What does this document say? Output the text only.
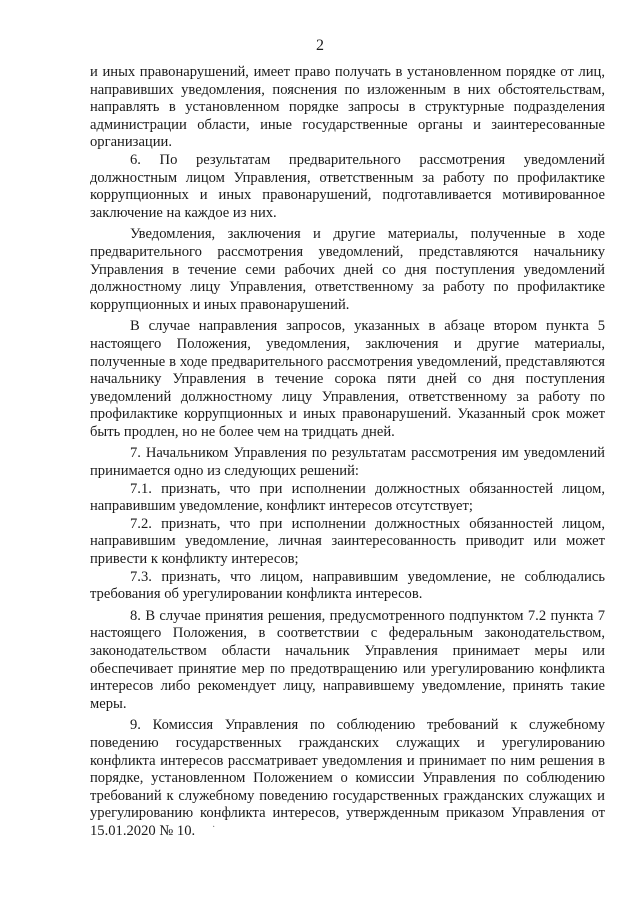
2

и иных правонарушений, имеет право получать в установленном порядке от лиц, направивших уведомления, пояснения по изложенным в них обстоятельствам, направлять в установленном порядке запросы в структурные подразделения администрации области, иные государственные органы и заинтересованные организации.

6. По результатам предварительного рассмотрения уведомлений должностным лицом Управления, ответственным за работу по профилактике коррупционных и иных правонарушений, подготавливается мотивированное заключение на каждое из них.

Уведомления, заключения и другие материалы, полученные в ходе предварительного рассмотрения уведомлений, представляются начальнику Управления в течение семи рабочих дней со дня поступления уведомлений должностному лицу Управления, ответственному за работу по профилактике коррупционных и иных правонарушений.

В случае направления запросов, указанных в абзаце втором пункта 5 настоящего Положения, уведомления, заключения и другие материалы, полученные в ходе предварительного рассмотрения уведомлений, представляются начальнику Управления в течение сорока пяти дней со дня поступления уведомлений должностному лицу Управления, ответственному за работу по профилактике коррупционных и иных правонарушений. Указанный срок может быть продлен, но не более чем на тридцать дней.

7. Начальником Управления по результатам рассмотрения им уведомлений принимается одно из следующих решений:

7.1. признать, что при исполнении должностных обязанностей лицом, направившим уведомление, конфликт интересов отсутствует;

7.2. признать, что при исполнении должностных обязанностей лицом, направившим уведомление, личная заинтересованность приводит или может привести к конфликту интересов;

7.3. признать, что лицом, направившим уведомление, не соблюдались требования об урегулировании конфликта интересов.

8. В случае принятия решения, предусмотренного подпунктом 7.2 пункта 7 настоящего Положения, в соответствии с федеральным законодательством, законодательством области начальник Управления принимает меры или обеспечивает принятие мер по предотвращению или урегулированию конфликта интересов либо рекомендует лицу, направившему уведомление, принять такие меры.

9. Комиссия Управления по соблюдению требований к служебному поведению государственных гражданских служащих и урегулированию конфликта интересов рассматривает уведомления и принимает по ним решения в порядке, установленном Положением о комиссии Управления по соблюдению требований к служебному поведению государственных гражданских служащих и урегулированию конфликта интересов, утвержденным приказом Управления от 15.01.2020 № 10.	·
